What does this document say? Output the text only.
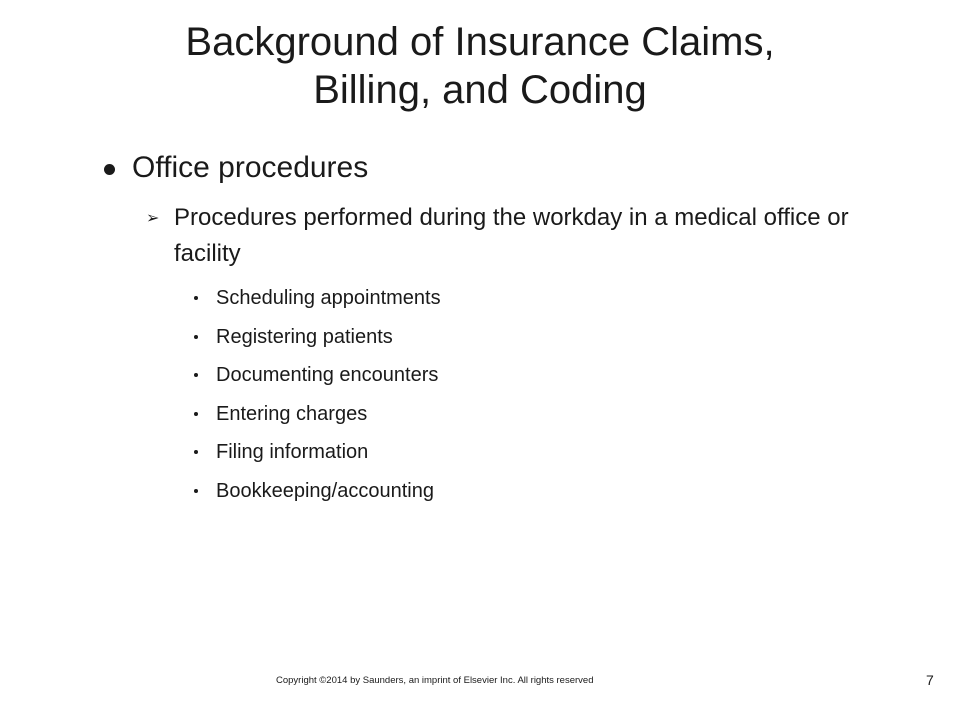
Background of Insurance Claims,
Billing, and Coding
Office procedures
➢ Procedures performed during the workday in a medical office or facility
Scheduling appointments
Registering patients
Documenting encounters
Entering charges
Filing information
Bookkeeping/accounting
Copyright ©2014 by Saunders, an imprint of Elsevier Inc. All rights reserved	7
